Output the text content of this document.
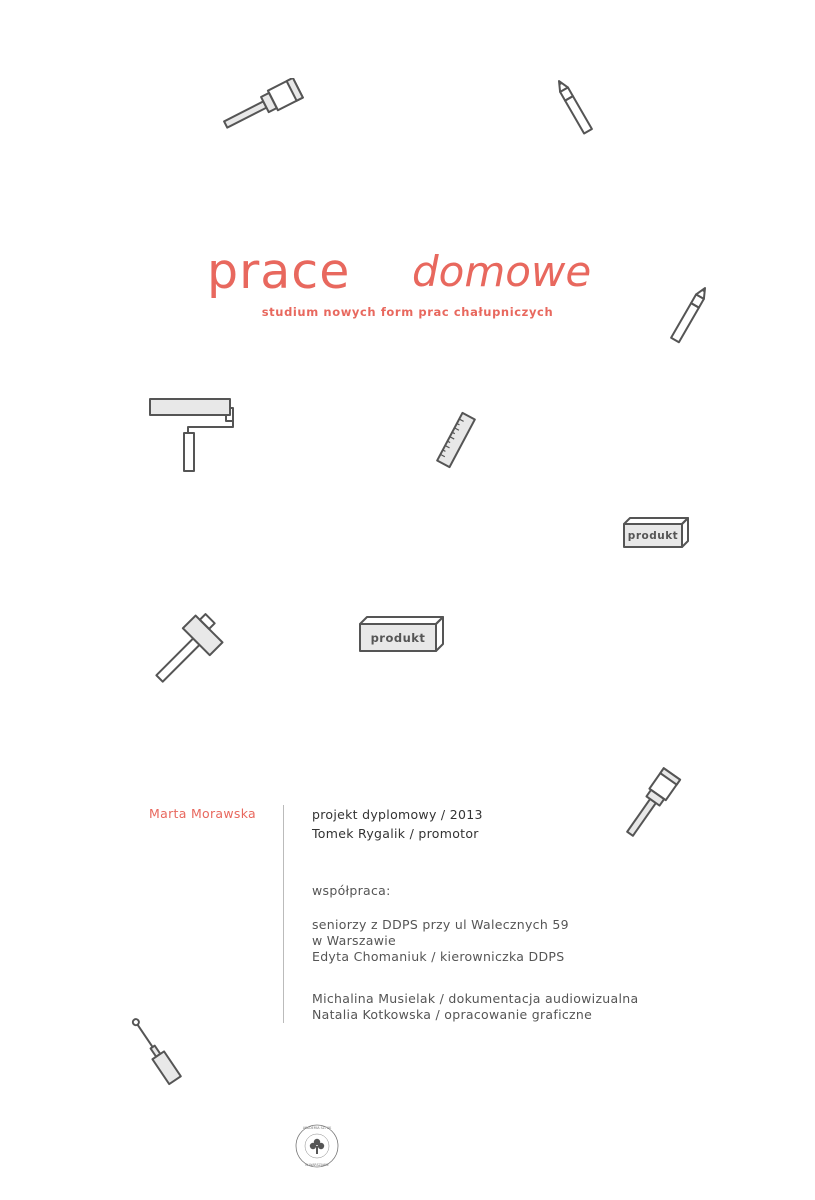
prace domowe
studium nowych form prac chałupniczych
produkt
produkt
Marta Morawska	projekt dyplomowy / 2013
Tomek Rygalik / promotor
współpraca:
seniorzy z DDPS przy ul Walecznych 59
w Warszawie
Edyta Chomaniuk / kierowniczka DDPS
Michalina Musielak / dokumentacja audiowizualna
Natalia Kotkowska / opracowanie graficzne
AKADEMIA SZTUK
W WARSZAWIE
